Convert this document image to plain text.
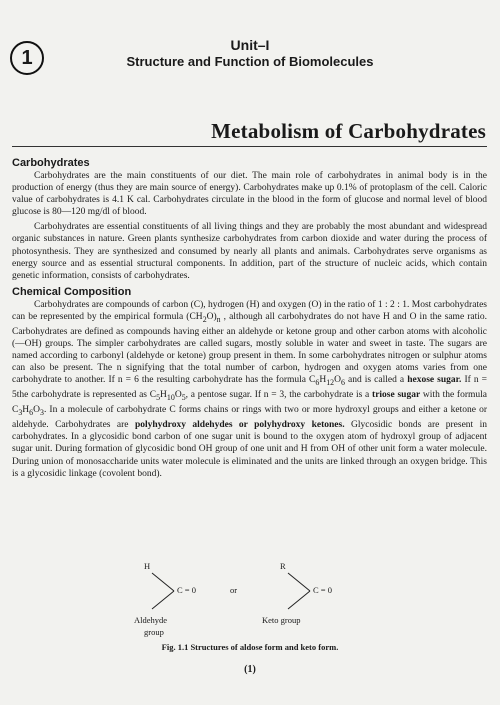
1
Unit–I
Structure and Function of Biomolecules
Metabolism of Carbohydrates
Carbohydrates

Carbohydrates are the main constituents of our diet. The main role of carbohydrates in animal body is in the production of energy (thus they are main source of energy). Carbohydrates make up 0.1% of protoplasm of the cell. Caloric value of carbohydrates is 4.1 K cal. Carbohydrates circulate in the blood in the form of glucose and normal level of blood glucose is 80—120 mg/dl of blood.

Carbohydrates are essential constituents of all living things and they are probably the most abundant and widespread organic substances in nature. Green plants synthesize carbohydrates from carbon dioxide and water during the process of photosynthesis. They are synthesized and consumed by nearly all plants and animals. Carbohydrates serve organisms as energy source and as essential structural components. In addition, part of the structure of nucleic acids, which contain genetic information, consists of carbohydrates.

Chemical Composition

Carbohydrates are compounds of carbon (C), hydrogen (H) and oxygen (O) in the ratio of 1 : 2 : 1. Most carbohydrates can be represented by the empirical formula $(CH_2O)_n$ , although all carbohydrates do not have H and O in the same ratio. Carbohydrates are defined as compounds having either an aldehyde or ketone group and other carbon atoms with alcoholic (—OH) groups. The simpler carbohydrates are called sugars, mostly soluble in water and sweet in taste. The sugars are named according to carbonyl (aldehyde or ketone) group present in them. In some carbohydrates nitrogen or sulphur atoms can also be present. The n signifying that the total number of carbon, hydrogen and oxygen atoms varies from one carbohydrate to another. If n = 6 the resulting carbohydrate has the formula $C_6H_{12}O_6$ and is called a hexose sugar. If n = 5the carbohydrate is represented as $C_5H_{10}O_5$, a pentose sugar. If n = 3, the carbohydrate is a triose sugar with the formula $C_3H_6O_3$. In a molecule of carbohydrate C forms chains or rings with two or more hydroxyl groups and either a ketone or aldehyde. Carbohydrates are polyhydroxy aldehydes or polyhydroxy ketones. Glycosidic bonds are present in carbohydrates. In a glycosidic bond carbon of one sugar unit is bound to the oxygen atom of hydroxyl group of adjacent sugar unit. During formation of glycosidic bond OH group of one unit and H from OH of other unit form a water molecule. During union of monosaccharide units water molecule is eliminated and the units are linked through an oxygen bridge. This is a glycosidic linkage (covolent bond).

H
C = 0	or
R
C = 0
Aldehyde
group
Keto group
Fig. 1.1 Structures of aldose form and keto form.
(1)
